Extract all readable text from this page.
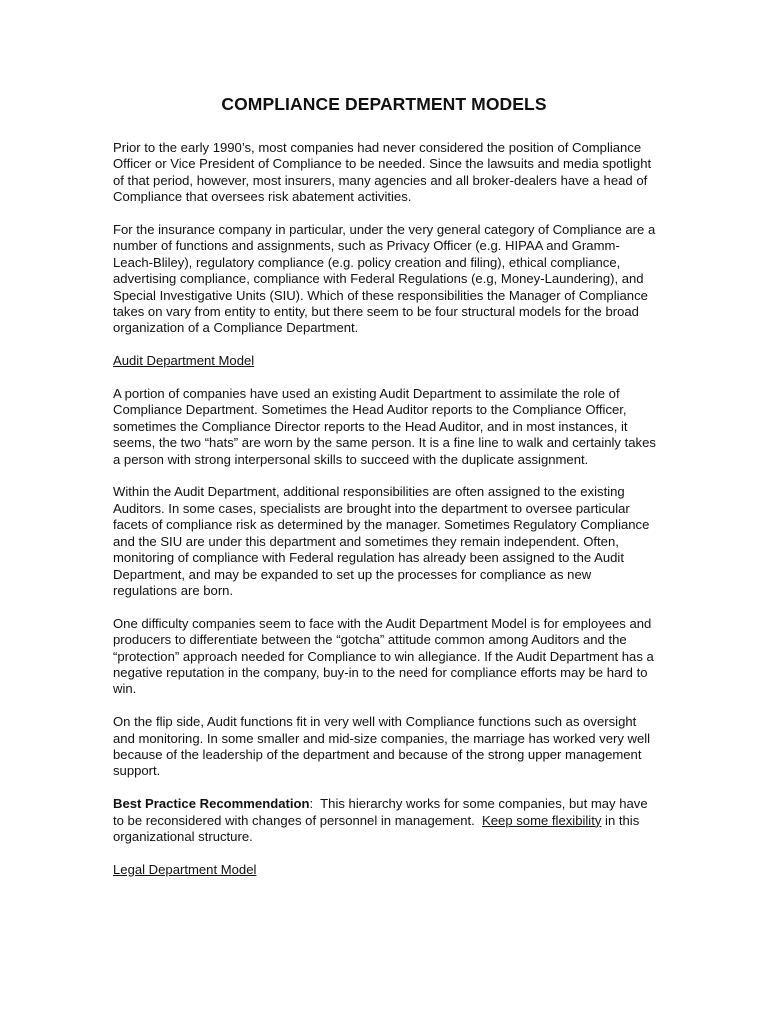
COMPLIANCE DEPARTMENT MODELS

Prior to the early 1990’s, most companies had never considered the position of Compliance Officer or Vice President of Compliance to be needed. Since the lawsuits and media spotlight of that period, however, most insurers, many agencies and all broker-dealers have a head of Compliance that oversees risk abatement activities.

For the insurance company in particular, under the very general category of Compliance are a number of functions and assignments, such as Privacy Officer (e.g. HIPAA and Gramm-Leach-Bliley), regulatory compliance (e.g. policy creation and filing), ethical compliance, advertising compliance, compliance with Federal Regulations (e.g, Money-Laundering), and Special Investigative Units (SIU). Which of these responsibilities the Manager of Compliance takes on vary from entity to entity, but there seem to be four structural models for the broad organization of a Compliance Department.

Audit Department Model

A portion of companies have used an existing Audit Department to assimilate the role of Compliance Department. Sometimes the Head Auditor reports to the Compliance Officer, sometimes the Compliance Director reports to the Head Auditor, and in most instances, it seems, the two “hats” are worn by the same person. It is a fine line to walk and certainly takes a person with strong interpersonal skills to succeed with the duplicate assignment.

Within the Audit Department, additional responsibilities are often assigned to the existing Auditors. In some cases, specialists are brought into the department to oversee particular facets of compliance risk as determined by the manager. Sometimes Regulatory Compliance and the SIU are under this department and sometimes they remain independent. Often, monitoring of compliance with Federal regulation has already been assigned to the Audit Department, and may be expanded to set up the processes for compliance as new regulations are born.

One difficulty companies seem to face with the Audit Department Model is for employees and producers to differentiate between the “gotcha” attitude common among Auditors and the “protection” approach needed for Compliance to win allegiance. If the Audit Department has a negative reputation in the company, buy-in to the need for compliance efforts may be hard to win.

On the flip side, Audit functions fit in very well with Compliance functions such as oversight and monitoring. In some smaller and mid-size companies, the marriage has worked very well because of the leadership of the department and because of the strong upper management support.

Best Practice Recommendation:  This hierarchy works for some companies, but may have to be reconsidered with changes of personnel in management.  Keep some flexibility in this organizational structure.

Legal Department Model
